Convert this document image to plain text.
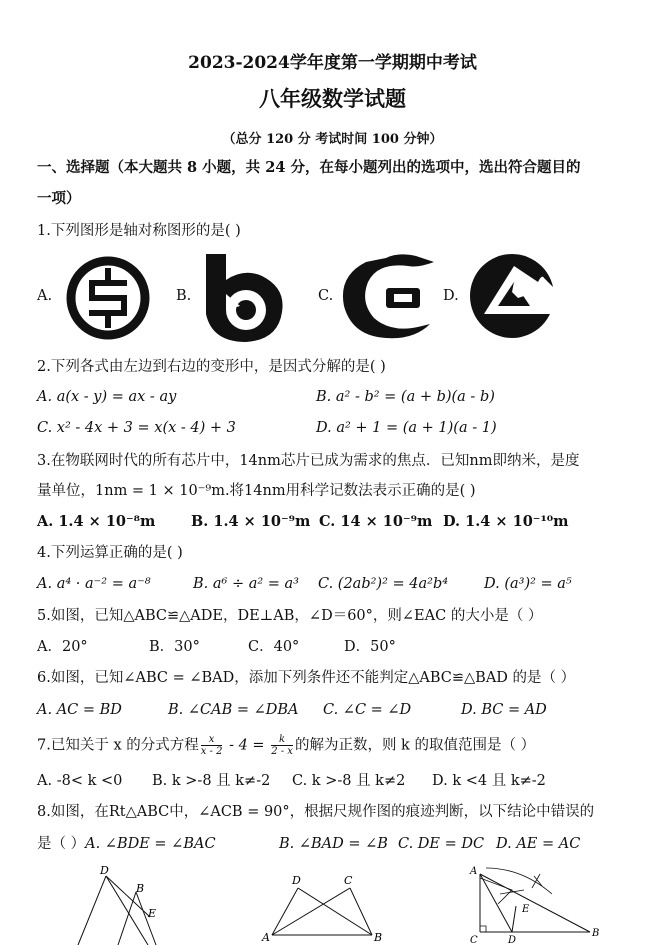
2023-2024学年度第一学期期中考试
八年级数学试题
（总分 120 分 考试时间 100 分钟）
一、选择题（本大题共 8 小题，共 24 分，在每小题列出的选项中，选出符合题目的
一项）
1.下列图形是轴对称图形的是( )
A.	B.	C.	D.
2.下列各式由左边到右边的变形中，是因式分解的是( )
A. a(x - y) = ax - ay	B. a² - b² = (a + b)(a - b)
C. x² - 4x + 3 = x(x - 4) + 3	D. a² + 1 = (a + 1)(a - 1)
3.在物联网时代的所有芯片中，14nm芯片已成为需求的焦点．已知nm即纳米，是度
量单位，1nm = 1 × 10⁻⁹m.将14nm用科学记数法表示正确的是( )
A. 1.4 × 10⁻⁸m B. 1.4 × 10⁻⁹m C. 14 × 10⁻⁹m D. 1.4 × 10⁻¹⁰m
4.下列运算正确的是( )
A. a⁴ · a⁻² = a⁻⁸	B. a⁶ ÷ a² = a³ C. (2ab²)² = 4a²b⁴ D. (a³)² = a⁵
5.如图，已知△ABC≌△ADE，DE⊥AB，∠D＝60°，则∠EAC 的大小是（ ）
A．20°	B．30°	C．40°	D．50°
6.如图，已知∠ABC = ∠BAD，添加下列条件还不能判定△ABC≌△BAD 的是（ ）
A. AC = BD	B. ∠CAB = ∠DBA C. ∠C = ∠D	D. BC = AD
7.已知关于 x 的分式方程 $\frac{x}{x - 2} - 4 = \frac{k}{2 - x}$ 的解为正数，则 k 的取值范围是（ ）
A. -8< k <0 B. k >-8 且 k≠-2 C. k >-8 且 k≠2 D. k <4 且 k≠-2
8.如图，在Rt△ABC中，∠ACB = 90°，根据尺规作图的痕迹判断，以下结论中错误的
是（ ）A. ∠BDE = ∠BAC	B. ∠BAD = ∠B C. DE = DC D. AE = AC
D
B
E
D	C
A	B
A
E
C	D
B
